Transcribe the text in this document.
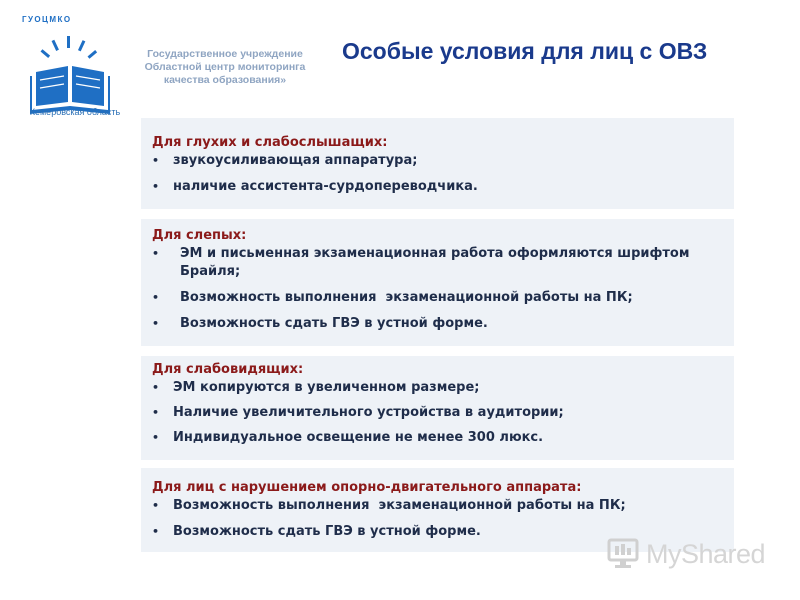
ГУОЦМКО
Кемеровская область
Государственное учреждение
Областной центр мониторинга
качества образования»
Особые условия для лиц с ОВЗ
Для глухих и слабослышащих:
•	звукоусиливающая аппаратура;
•	наличие ассистента-сурдопереводчика.
Для слепых:
•	ЭМ и письменная экзаменационная работа оформляются шрифтом Брайля;
•	Возможность выполнения  экзаменационной работы на ПК;
•	Возможность сдать ГВЭ в устной форме.
Для слабовидящих:
•	ЭМ копируются в увеличенном размере;
•	Наличие увеличительного устройства в аудитории;
•	Индивидуальное освещение не менее 300 люкс.
Для лиц с нарушением опорно-двигательного аппарата:
•	Возможность выполнения  экзаменационной работы на ПК;
•	Возможность сдать ГВЭ в устной форме.
MyShared
